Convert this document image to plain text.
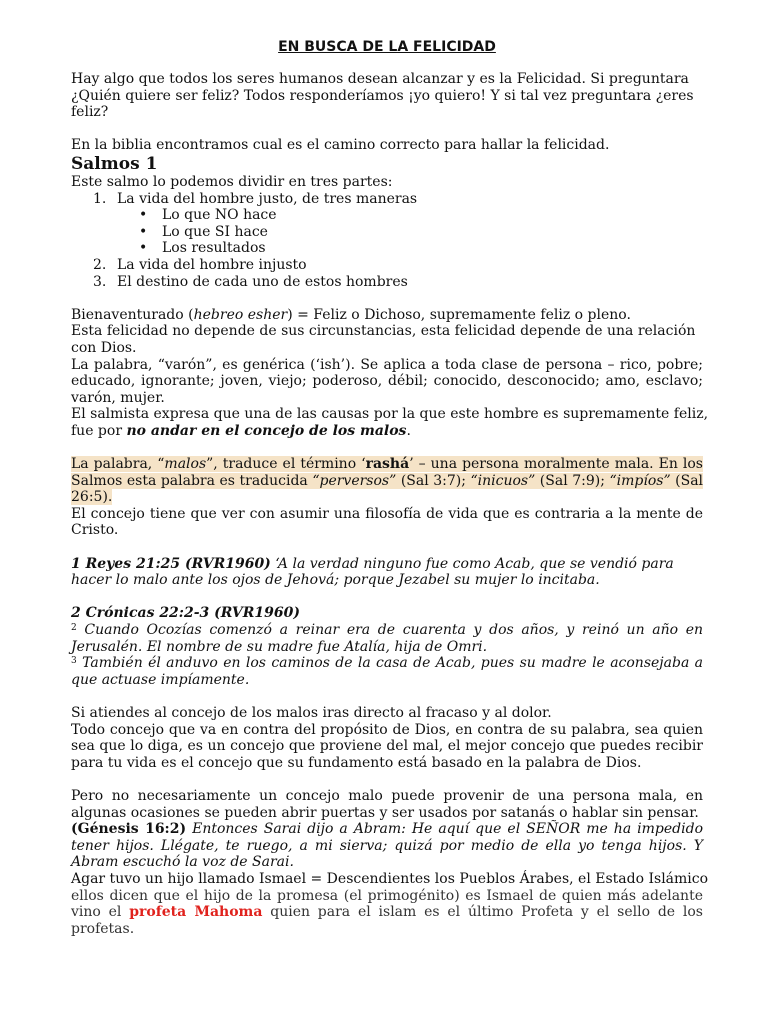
EN BUSCA DE LA FELICIDAD
Hay algo que todos los seres humanos desean alcanzar y es la Felicidad. Si preguntara
¿Quién quiere ser feliz? Todos responderíamos ¡yo quiero! Y si tal vez preguntara ¿eres
feliz?
En la biblia encontramos cual es el camino correcto para hallar la felicidad.
Salmos 1
Este salmo lo podemos dividir en tres partes:
1. La vida del hombre justo, de tres maneras
• Lo que NO hace
• Lo que SI hace
• Los resultados
2. La vida del hombre injusto
3. El destino de cada uno de estos hombres
Bienaventurado (hebreo esher) = Feliz o Dichoso, supremamente feliz o pleno.
Esta felicidad no depende de sus circunstancias, esta felicidad depende de una relación
con Dios.
La palabra, “varón”, es genérica (‘ish’). Se aplica a toda clase de persona – rico, pobre;
educado, ignorante; joven, viejo; poderoso, débil; conocido, desconocido; amo, esclavo;
varón, mujer.
El salmista expresa que una de las causas por la que este hombre es supremamente feliz,
fue por no andar en el concejo de los malos.
La palabra, “malos”, traduce el término ‘rashá’ – una persona moralmente mala. En los
Salmos esta palabra es traducida “perversos” (Sal 3:7); “inicuos” (Sal 7:9); “impíos” (Sal
26:5).
El concejo tiene que ver con asumir una filosofía de vida que es contraria a la mente de
Cristo.
1 Reyes 21:25 (RVR1960) ‘A la verdad ninguno fue como Acab, que se vendió para
hacer lo malo ante los ojos de Jehová; porque Jezabel su mujer lo incitaba.
2 Crónicas 22:2-3 (RVR1960)
$^2$ Cuando Ocozías comenzó a reinar era de cuarenta y dos años, y reinó un año en
Jerusalén. El nombre de su madre fue Atalía, hija de Omri.
$^3$ También él anduvo en los caminos de la casa de Acab, pues su madre le aconsejaba a
que actuase impíamente.
Si atiendes al concejo de los malos iras directo al fracaso y al dolor.
Todo concejo que va en contra del propósito de Dios, en contra de su palabra, sea quien
sea que lo diga, es un concejo que proviene del mal, el mejor concejo que puedes recibir
para tu vida es el concejo que su fundamento está basado en la palabra de Dios.
Pero no necesariamente un concejo malo puede provenir de una persona mala, en
algunas ocasiones se pueden abrir puertas y ser usados por satanás o hablar sin pensar.
(Génesis 16:2) Entonces Sarai dijo a Abram: He aquí que el SEÑOR me ha impedido
tener hijos. Llégate, te ruego, a mi sierva; quizá por medio de ella yo tenga hijos. Y
Abram escuchó la voz de Sarai.
Agar tuvo un hijo llamado Ismael = Descendientes los Pueblos Árabes, el Estado Islámico
ellos dicen que el hijo de la promesa (el primogénito) es Ismael de quien más adelante
vino el profeta Mahoma quien para el islam es el último Profeta y el sello de los
profetas.
